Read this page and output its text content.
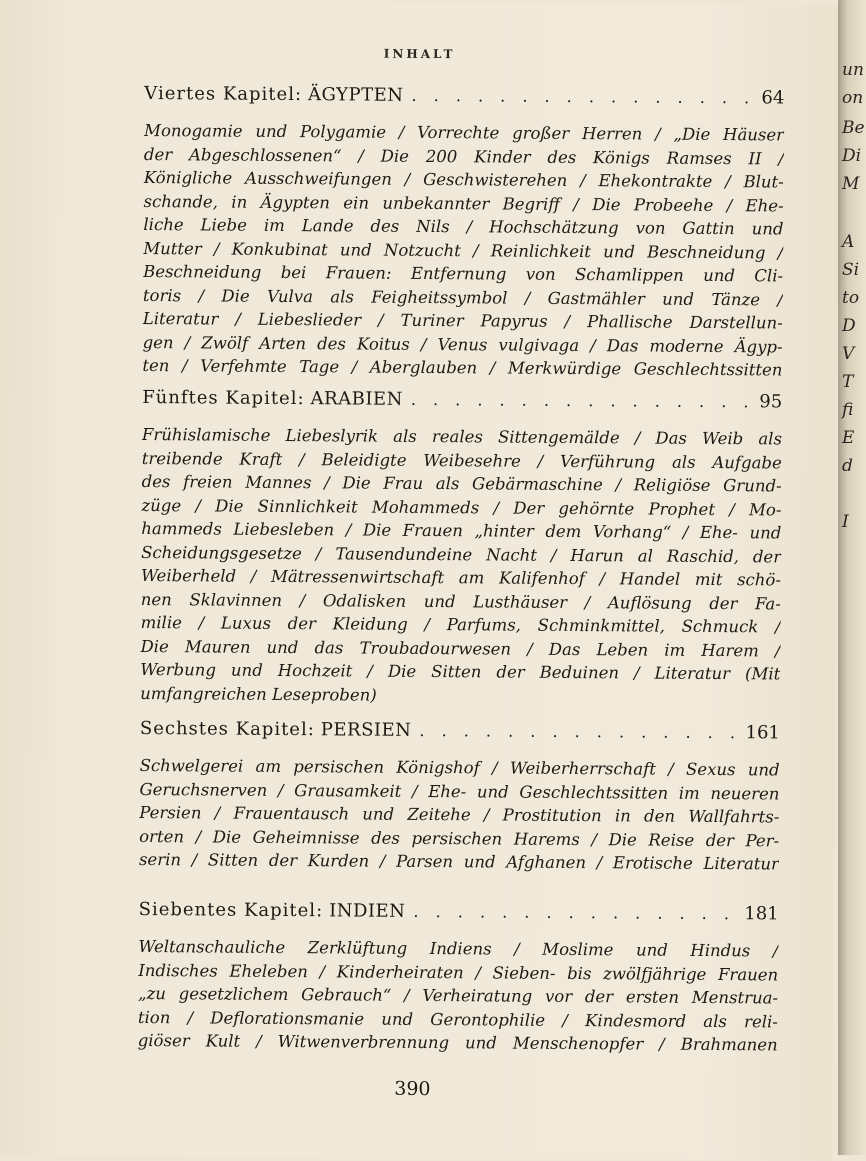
INHALT
Viertes Kapitel: ÄGYPTEN . . .	64
Monogamie und Polygamie / Vorrechte großer Herren / „Die Häuser
der Abgeschlossenen“ / Die 200 Kinder des Königs Ramses II /
Königliche Ausschweifungen / Geschwisterehen / Ehekontrakte / Blut-
schande, in Ägypten ein unbekannter Begriff / Die Probeehe / Ehe-
liche Liebe im Lande des Nils / Hochschätzung von Gattin und
Mutter / Konkubinat und Notzucht / Reinlichkeit und Beschneidung /
Beschneidung bei Frauen: Entfernung von Schamlippen und Cli-
toris / Die Vulva als Feigheitssymbol / Gastmähler und Tänze /
Literatur / Liebeslieder / Turiner Papyrus / Phallische Darstellun-
gen / Zwölf Arten des Koitus / Venus vulgivaga / Das moderne Ägyp-
ten / Verfehmte Tage / Aberglauben / Merkwürdige Geschlechtssitten
Fünftes Kapitel: ARABIEN . . .	95
Frühislamische Liebeslyrik als reales Sittengemälde / Das Weib als
treibende Kraft / Beleidigte Weibesehre / Verführung als Aufgabe
des freien Mannes / Die Frau als Gebärmaschine / Religiöse Grund-
züge / Die Sinnlichkeit Mohammeds / Der gehörnte Prophet / Mo-
hammeds Liebesleben / Die Frauen „hinter dem Vorhang“ / Ehe- und
Scheidungsgesetze / Tausendundeine Nacht / Harun al Raschid, der
Weiberheld / Mätressenwirtschaft am Kalifenhof / Handel mit schö-
nen Sklavinnen / Odalisken und Lusthäuser / Auflösung der Fa-
milie / Luxus der Kleidung / Parfums, Schminkmittel, Schmuck /
Die Mauren und das Troubadourwesen / Das Leben im Harem /
Werbung und Hochzeit / Die Sitten der Beduinen / Literatur (Mit
umfangreichen Leseproben)
Sechstes Kapitel: PERSIEN . . .	161
Schwelgerei am persischen Königshof / Weiberherrschaft / Sexus und
Geruchsnerven / Grausamkeit / Ehe- und Geschlechtssitten im neueren
Persien / Frauentausch und Zeitehe / Prostitution in den Wallfahrts-
orten / Die Geheimnisse des persischen Harems / Die Reise der Per-
serin / Sitten der Kurden / Parsen und Afghanen / Erotische Literatur
Siebentes Kapitel: INDIEN . . .	181
Weltanschauliche Zerklüftung Indiens / Moslime und Hindus /
Indisches Eheleben / Kinderheiraten / Sieben- bis zwölfjährige Frauen
„zu gesetzlichem Gebrauch“ / Verheiratung vor der ersten Menstrua-
tion / Deflorationsmanie und Gerontophilie / Kindesmord als reli-
giöser Kult / Witwenverbrennung und Menschenopfer / Brahmanen
390
un
on
Be
Di
M
A
Si
to
D
V
T
fi
E
d
I
